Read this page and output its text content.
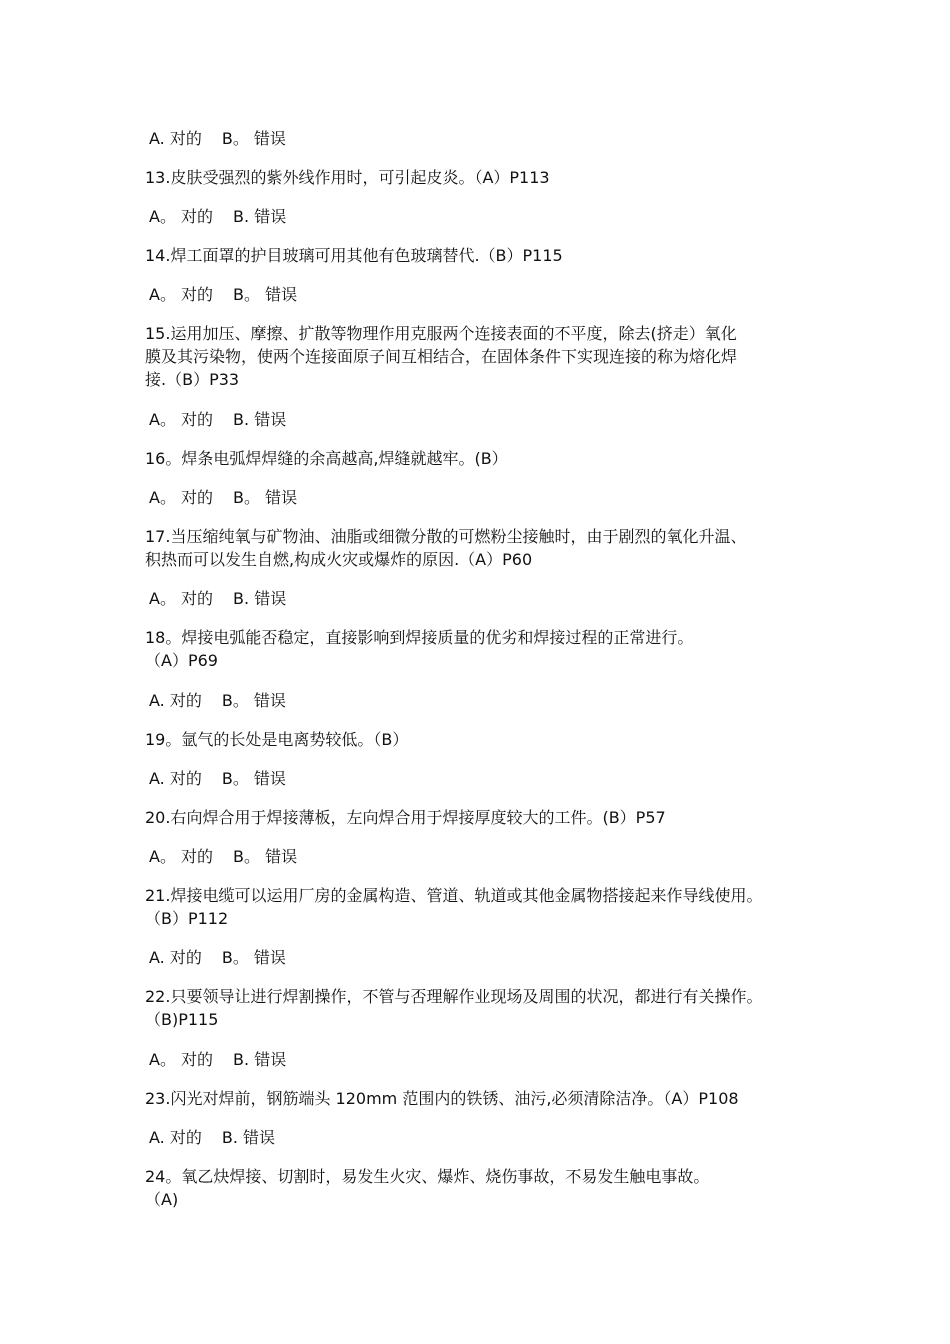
A. 对的 B。 错误
13.皮肤受强烈的紫外线作用时，可引起皮炎。（A）P113
A。 对的 B. 错误
14.焊工面罩的护目玻璃可用其他有色玻璃替代.（B）P115
A。 对的 B。 错误
15.运用加压、摩擦、扩散等物理作用克服两个连接表面的不平度，除去(挤走）氧化
膜及其污染物，使两个连接面原子间互相结合，在固体条件下实现连接的称为熔化焊
接.（B）P33
A。 对的 B. 错误
16。焊条电弧焊焊缝的余高越高,焊缝就越牢。(B）
A。 对的 B。 错误
17.当压缩纯氧与矿物油、油脂或细微分散的可燃粉尘接触时，由于剧烈的氧化升温、
积热而可以发生自燃,构成火灾或爆炸的原因.（A）P60
A。 对的 B. 错误
18。焊接电弧能否稳定，直接影响到焊接质量的优劣和焊接过程的正常进行。
（A）P69
A. 对的 B。 错误
19。氩气的长处是电离势较低。（B）
A. 对的 B。 错误
20.右向焊合用于焊接薄板，左向焊合用于焊接厚度较大的工件。(B）P57
A。 对的 B。 错误
21.焊接电缆可以运用厂房的金属构造、管道、轨道或其他金属物搭接起来作导线使用。
（B）P112
A. 对的 B。 错误
22.只要领导让进行焊割操作，不管与否理解作业现场及周围的状况，都进行有关操作。
（B)P115
A。 对的 B. 错误
23.闪光对焊前，钢筋端头 120mm 范围内的铁锈、油污,必须清除洁净。（A）P108
A. 对的 B. 错误
24。氧乙炔焊接、切割时，易发生火灾、爆炸、烧伤事故，不易发生触电事故。
（A)
